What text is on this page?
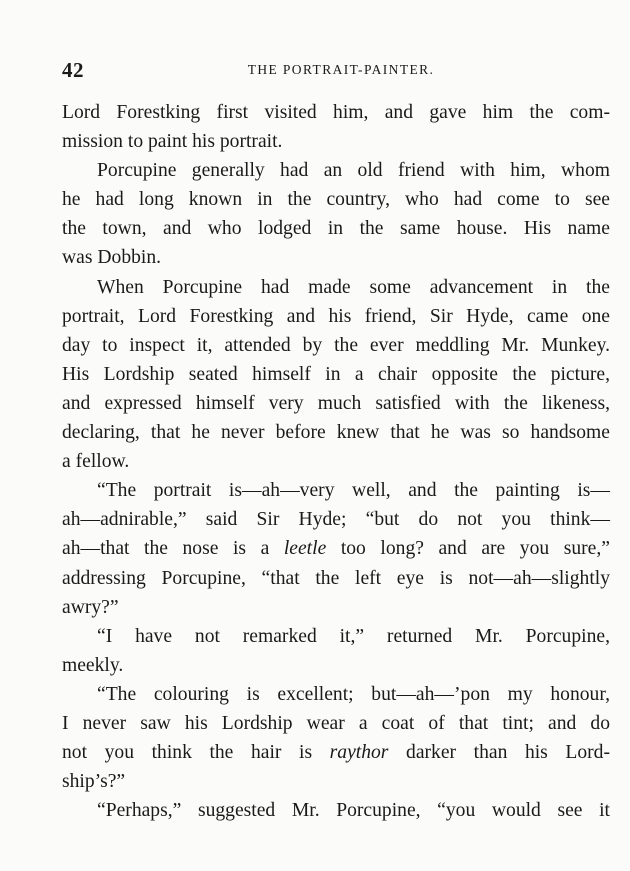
42	THE PORTRAIT-PAINTER.
Lord Forestking first visited him, and gave him the com-
mission to paint his portrait.
Porcupine generally had an old friend with him, whom
he had long known in the country, who had come to see
the town, and who lodged in the same house. His name
was Dobbin.
When Porcupine had made some advancement in the
portrait, Lord Forestking and his friend, Sir Hyde, came one
day to inspect it, attended by the ever meddling Mr. Munkey.
His Lordship seated himself in a chair opposite the picture,
and expressed himself very much satisfied with the likeness,
declaring, that he never before knew that he was so handsome
a fellow.
“The portrait is—ah—very well, and the painting is—
ah—adnirable,” said Sir Hyde; “but do not you think—
ah—that the nose is a leetle too long? and are you sure,”
addressing Porcupine, “that the left eye is not—ah—slightly
awry?”
“I have not remarked it,” returned Mr. Porcupine,
meekly.
“The colouring is excellent; but—ah—’pon my honour,
I never saw his Lordship wear a coat of that tint; and do
not you think the hair is raythor darker than his Lord-
ship’s?”
“Perhaps,” suggested Mr. Porcupine, “you would see it
